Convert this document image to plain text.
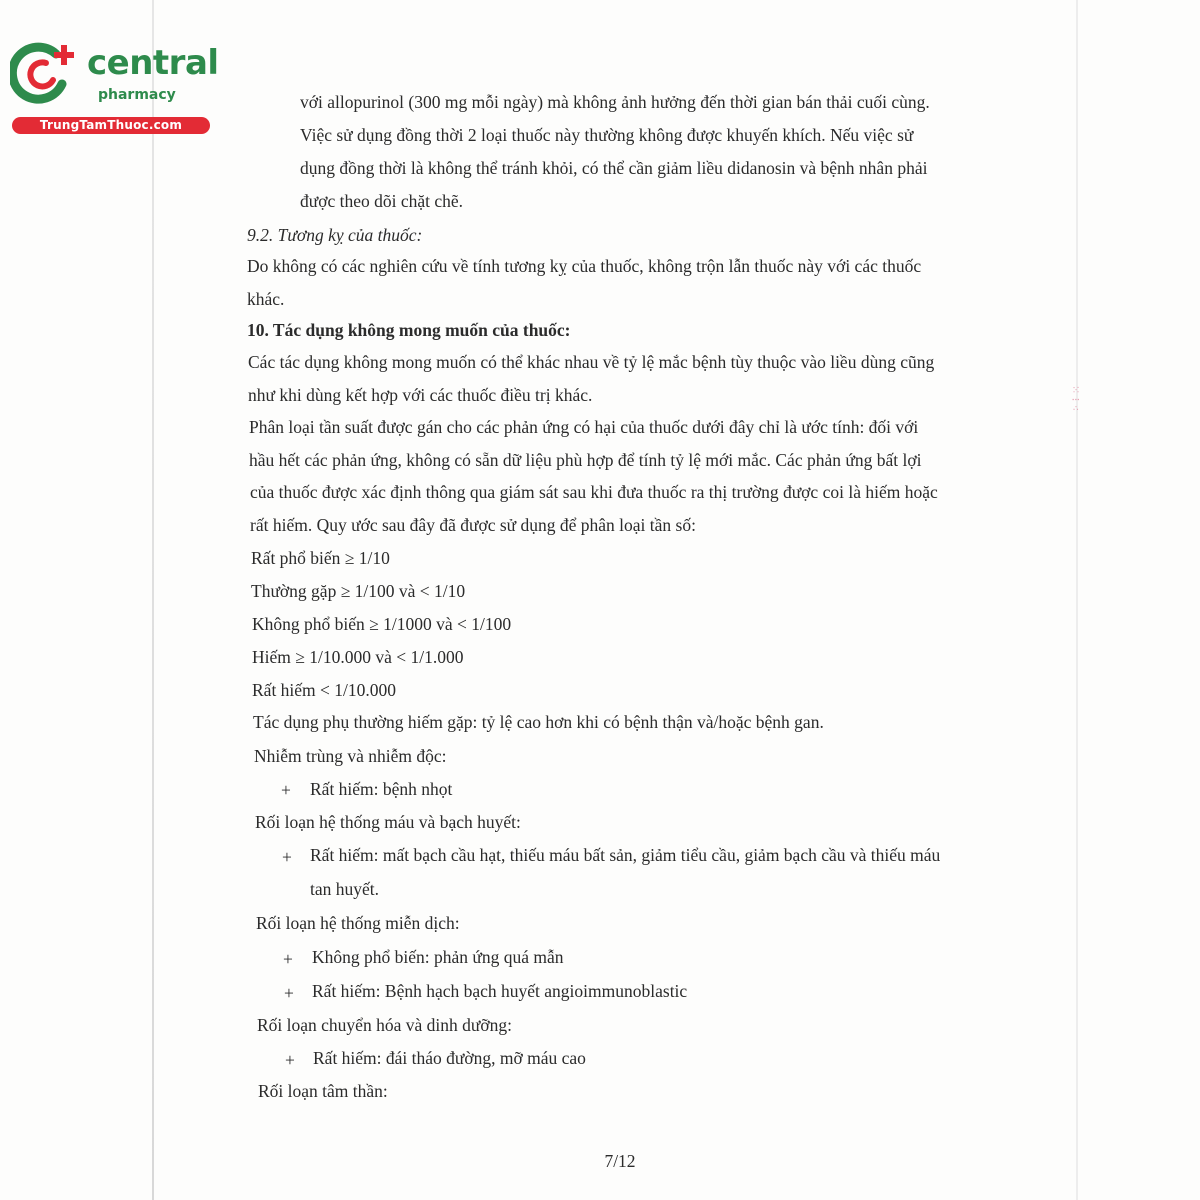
⁙ ⁝ ⁖
central
pharmacy
TrungTamThuoc.com
với allopurinol (300 mg mỗi ngày) mà không ảnh hưởng đến thời gian bán thải cuối cùng.
Việc sử dụng đồng thời 2 loại thuốc này thường không được khuyến khích. Nếu việc sử
dụng đồng thời là không thể tránh khỏi, có thể cần giảm liều didanosin và bệnh nhân phải
được theo dõi chặt chẽ.
9.2. Tương kỵ của thuốc:
Do không có các nghiên cứu về tính tương kỵ của thuốc, không trộn lẫn thuốc này với các thuốc
khác.
10. Tác dụng không mong muốn của thuốc:
Các tác dụng không mong muốn có thể khác nhau về tỷ lệ mắc bệnh tùy thuộc vào liều dùng cũng
như khi dùng kết hợp với các thuốc điều trị khác.
Phân loại tần suất được gán cho các phản ứng có hại của thuốc dưới đây chỉ là ước tính: đối với
hầu hết các phản ứng, không có sẵn dữ liệu phù hợp để tính tỷ lệ mới mắc. Các phản ứng bất lợi
của thuốc được xác định thông qua giám sát sau khi đưa thuốc ra thị trường được coi là hiếm hoặc
rất hiếm. Quy ước sau đây đã được sử dụng để phân loại tần số:
Rất phổ biến ≥ 1/10
Thường gặp ≥ 1/100 và < 1/10
Không phổ biến ≥ 1/1000 và < 1/100
Hiếm ≥ 1/10.000 và < 1/1.000
Rất hiếm < 1/10.000
Tác dụng phụ thường hiếm gặp: tỷ lệ cao hơn khi có bệnh thận và/hoặc bệnh gan.
Nhiễm trùng và nhiễm độc:
+ Rất hiếm: bệnh nhọt
Rối loạn hệ thống máu và bạch huyết:
+ Rất hiếm: mất bạch cầu hạt, thiếu máu bất sản, giảm tiểu cầu, giảm bạch cầu và thiếu máu
tan huyết.
Rối loạn hệ thống miễn dịch:
+ Không phổ biến: phản ứng quá mẫn
+ Rất hiếm: Bệnh hạch bạch huyết angioimmunoblastic
Rối loạn chuyển hóa và dinh dưỡng:
+ Rất hiếm: đái tháo đường, mỡ máu cao
Rối loạn tâm thần:
7/12
